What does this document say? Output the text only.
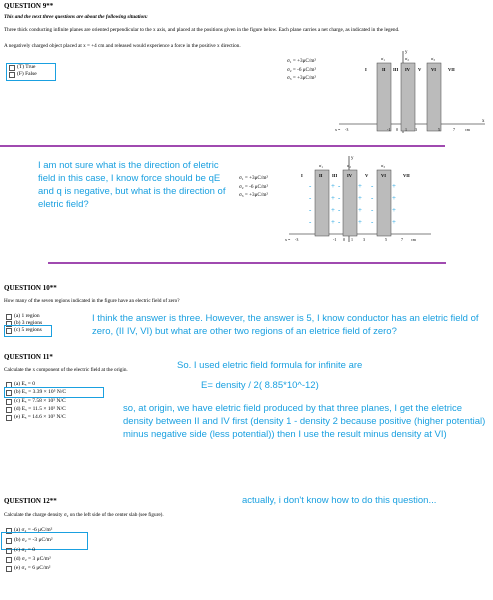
QUESTION 9**
This and the next three questions are about the following situation:
Three thick conducting infinite planes are oriented perpendicular to the x axis, and placed at the positions given in the figure below. Each plane carries a net charge, as indicated in the legend.
A negatively charged object placed at x = +4 cm and released would experience a force in the positive x direction.
(T) True
(F) False
σ₁ = +3μC/m²
σ₂ = -6 μC/m²
σ₃ = +3μC/m²
y
x
σ₁	σ₂	σ₃
I	II III IV V VI	VII
x = -3	-1 0 1 3	5	7	cm
I am not sure what is the direction of eletric field in this case, I know force should be qE and q is negative, but what is the direction of eletric field?
σ₁ = +3μC/m²
σ₂ = -6 μC/m²
σ₃ = +3μC/m²
y
σ₁	σ₂	σ₃
I	II III IV	V	VI	VII
-
-
-
-
+
+
+
+
-
-
-
-
+
+
+
+
-
-
-
-
+
+
+
+
x = -3	-1 0 1	3	5	7 cm
QUESTION 10**
How many of the seven regions indicated in the figure have an electric field of zero?
(a) 1 region
(b) 3 regions
(c) 5 regions
I think the answer is three. However, the answer is 5, I know conductor has an eletric field of zero, (II IV, VI) but what are other two regions of an eletrice field of zero?
QUESTION 11*
Calculate the x component of the electric field at the origin.
(a) Eₓ = 0
(b) Eₓ = 3.39 × 10⁵ N/C
(c) Eₓ = 7.58 × 10⁵ N/C
(d) Eₓ = 11.5 × 10⁵ N/C
(e) Eₓ = 14.6 × 10⁵ N/C
So. I used eletric field formula for infinite are
E= density / 2( 8.85*10^-12)
so, at origin, we have eletric field produced by that three planes, I get the eletrice density between II and IV first (density 1 - density 2 because positive (higher potential) minus negative side (less potential)) then I use the result minus density at VI)
QUESTION 12**
Calculate the charge density σ₂ on the left side of the center slab (see figure).
(a) σ₂ = -6 μC/m²
(b) σ₂ = -3 μC/m²
(c) σ₂ = 0
(d) σ₂ = 3 μC/m²
(e) σ₂ = 6 μC/m²
actually, i don't know how to do this question...
